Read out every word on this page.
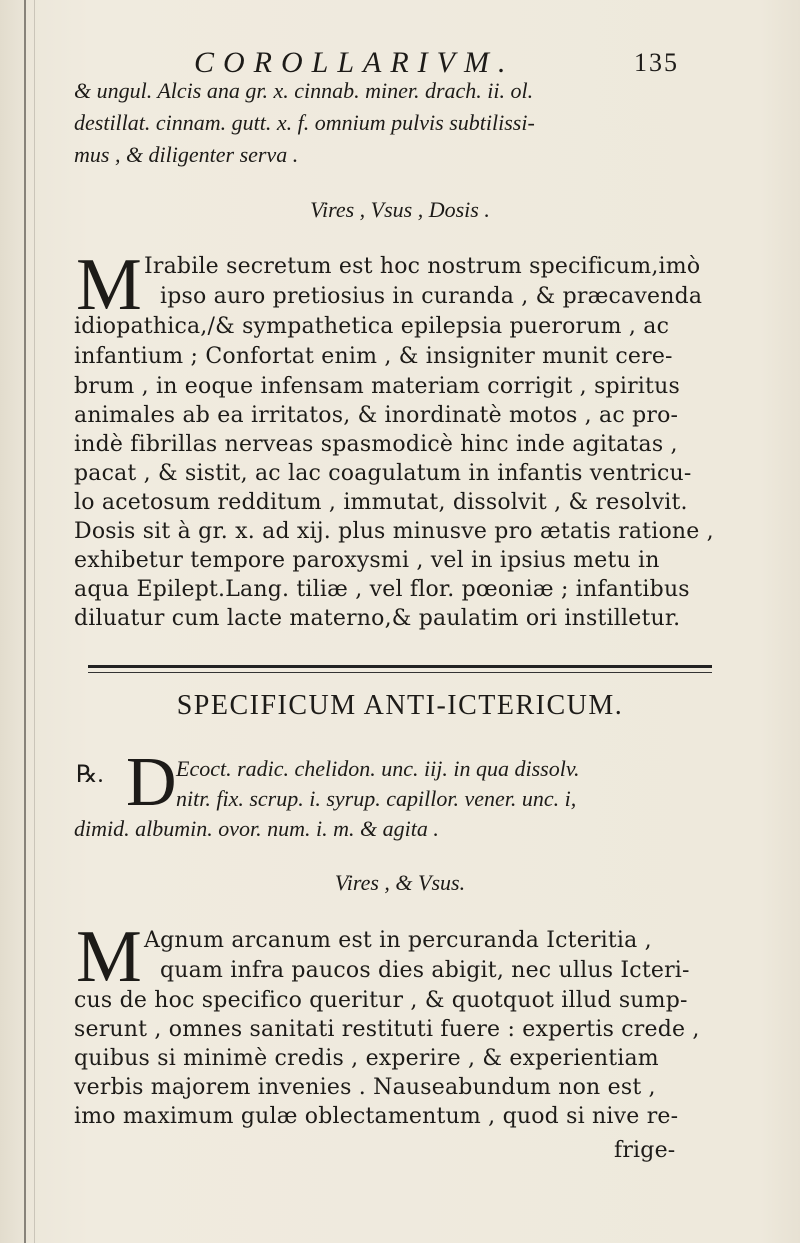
COROLLARIVM.	135
& ungul. Alcis ana gr. x. cinnab. miner. drach. ii. ol.
destillat. cinnam. gutt. x. f. omnium pulvis subtilissi-
mus , & diligenter serva .
Vires , Vsus , Dosis .
M Irabile secretum est hoc nostrum specificum,imò
ipso auro pretiosius in curanda , & præcavenda
idiopathica,/& sympathetica epilepsia puerorum , ac
infantium ; Confortat enim , & insigniter munit cere-
brum , in eoque infensam materiam corrigit , spiritus
animales ab ea irritatos, & inordinatè motos , ac pro-
indè fibrillas nerveas spasmodicè hinc inde agitatas ,
pacat , & sistit, ac lac coagulatum in infantis ventricu-
lo acetosum redditum , immutat, dissolvit , & resolvit.
Dosis sit à gr. x. ad xij. plus minusve pro ætatis ratione ,
exhibetur tempore paroxysmi , vel in ipsius metu in
aqua Epilept.Lang. tiliæ , vel flor. pœoniæ ; infantibus
diluatur cum lacte materno,& paulatim ori instilletur.
SPECIFICUM ANTI-ICTERICUM.
℞. D Ecoct. radic. chelidon. unc. iij. in qua dissolv.
nitr. fix. scrup. i. syrup. capillor. vener. unc. i,
dimid. albumin. ovor. num. i. m. & agita .
Vires , & Vsus.
M Agnum arcanum est in percuranda Icteritia ,
quam infra paucos dies abigit, nec ullus Icteri-
cus de hoc specifico queritur , & quotquot illud sump-
serunt , omnes sanitati restituti fuere : expertis crede ,
quibus si minimè credis , experire , & experientiam
verbis majorem invenies . Nauseabundum non est ,
imo maximum gulæ oblectamentum , quod si nive re-
frige-
